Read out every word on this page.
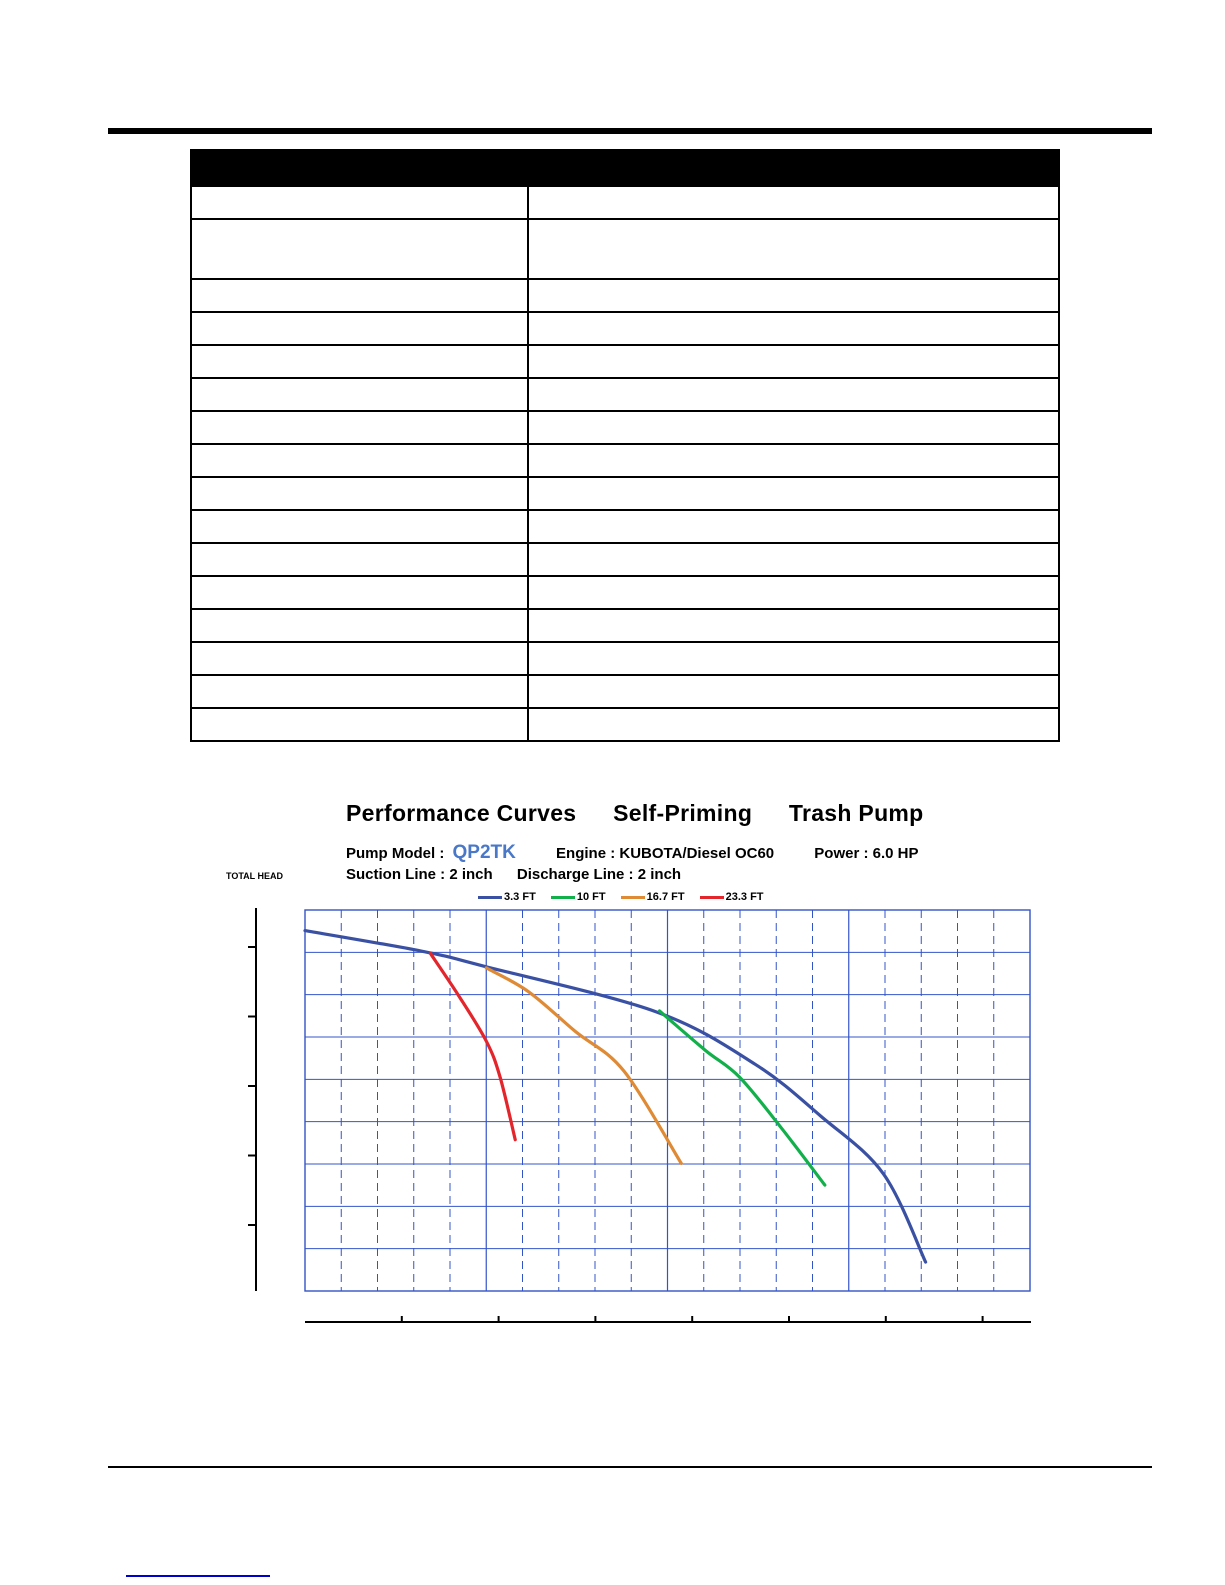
Performance Curves Self-Priming Trash Pump
Pump Model : QP2TK	Engine : KUBOTA/Diesel OC60	Power : 6.0 HP
Suction Line : 2 inch Discharge Line : 2 inch
TOTAL HEAD
3.3 FT	10 FT	16.7 FT	23.3 FT
